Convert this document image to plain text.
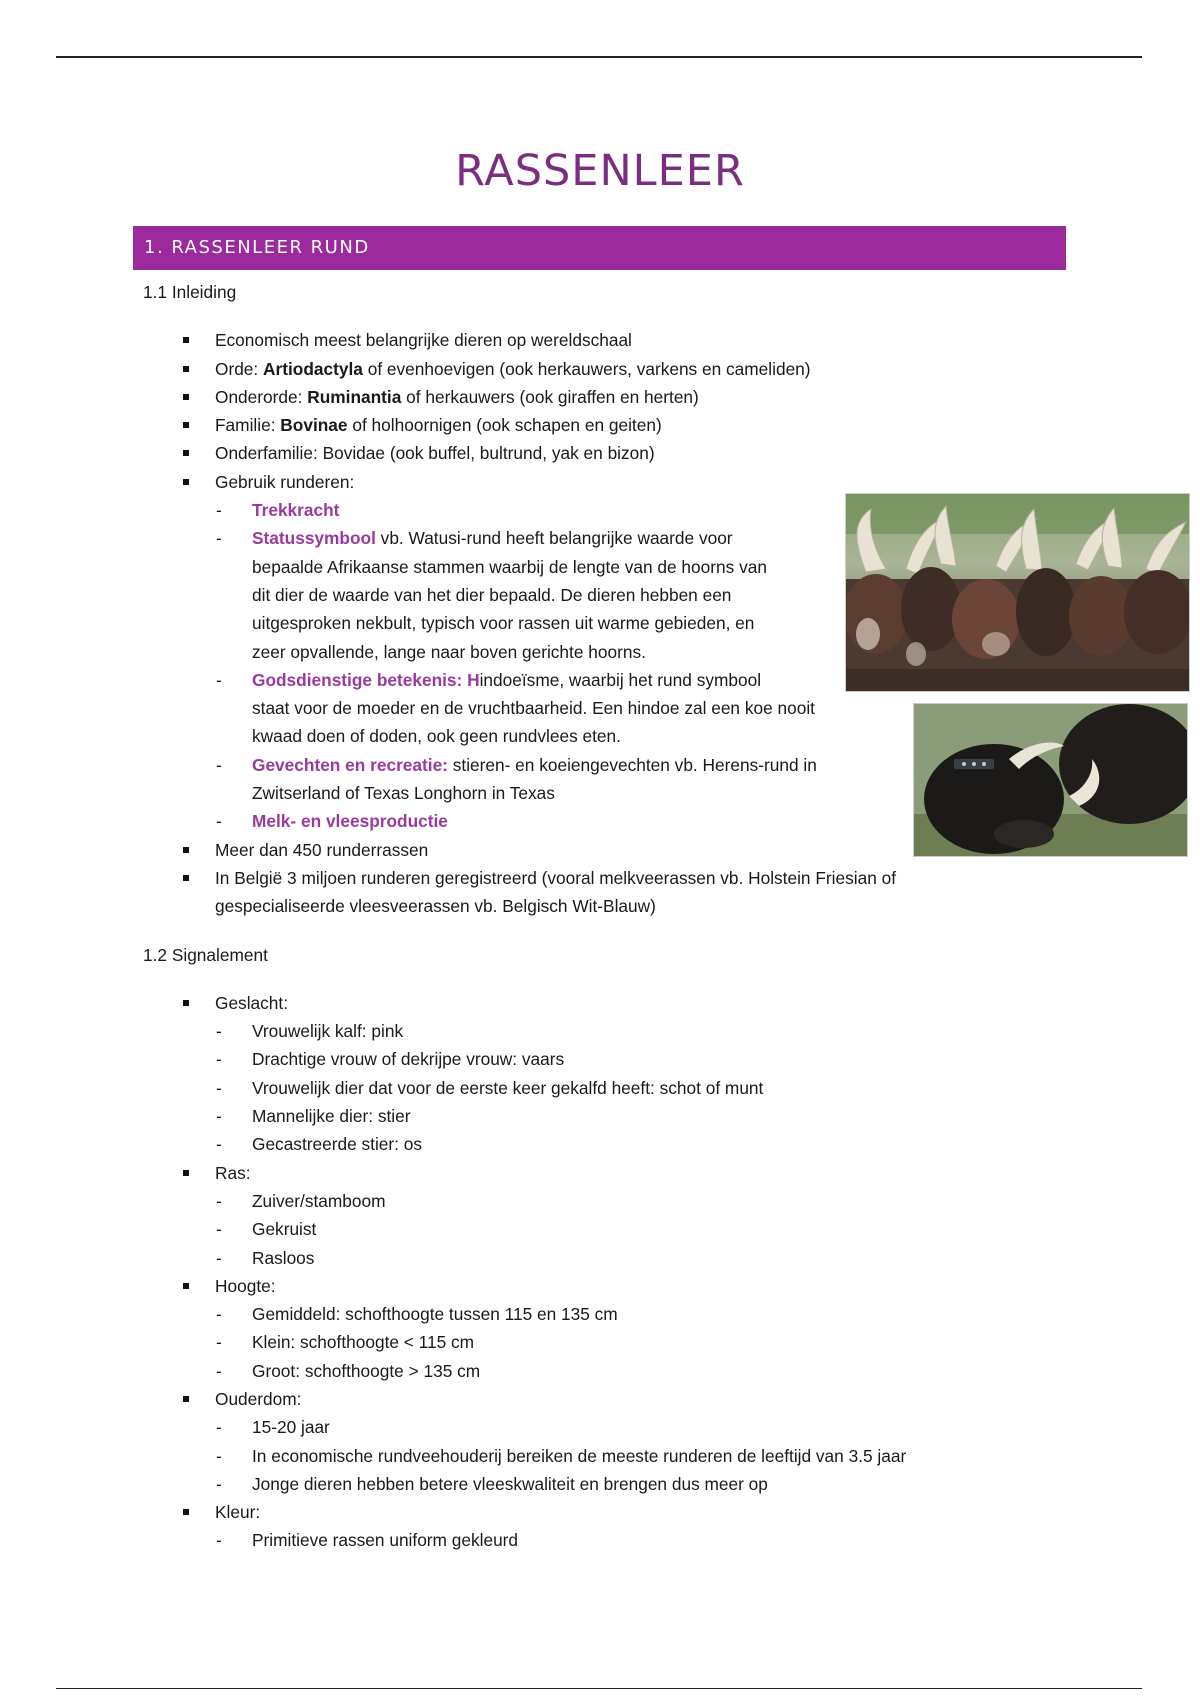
RASSENLEER
1. RASSENLEER RUND
1.1 Inleiding
Economisch meest belangrijke dieren op wereldschaal
Orde: Artiodactyla of evenhoevigen (ook herkauwers, varkens en cameliden)
Onderorde: Ruminantia of herkauwers (ook giraffen en herten)
Familie: Bovinae of holhoornigen (ook schapen en geiten)
Onderfamilie: Bovidae (ook buffel, bultrund, yak en bizon)
Gebruik runderen:
- Trekkracht
- Statussymbool vb. Watusi-rund heeft belangrijke waarde voor
bepaalde Afrikaanse stammen waarbij de lengte van de hoorns van
dit dier de waarde van het dier bepaald. De dieren hebben een
uitgesproken nekbult, typisch voor rassen uit warme gebieden, en
zeer opvallende, lange naar boven gerichte hoorns.
- Godsdienstige betekenis: Hindoeïsme, waarbij het rund symbool
staat voor de moeder en de vruchtbaarheid. Een hindoe zal een koe nooit
kwaad doen of doden, ook geen rundvlees eten.
- Gevechten en recreatie: stieren- en koeiengevechten vb. Herens-rund in
Zwitserland of Texas Longhorn in Texas
- Melk- en vleesproductie
Meer dan 450 runderrassen
In België 3 miljoen runderen geregistreerd (vooral melkveerassen vb. Holstein Friesian of
gespecialiseerde vleesveerassen vb. Belgisch Wit-Blauw)
1.2 Signalement
Geslacht:
- Vrouwelijk kalf: pink
- Drachtige vrouw of dekrijpe vrouw: vaars
- Vrouwelijk dier dat voor de eerste keer gekalfd heeft: schot of munt
- Mannelijke dier: stier
- Gecastreerde stier: os
Ras:
- Zuiver/stamboom
- Gekruist
- Rasloos
Hoogte:
- Gemiddeld: schofthoogte tussen 115 en 135 cm
- Klein: schofthoogte < 115 cm
- Groot: schofthoogte > 135 cm
Ouderdom:
- 15-20 jaar
- In economische rundveehouderij bereiken de meeste runderen de leeftijd van 3.5 jaar
- Jonge dieren hebben betere vleeskwaliteit en brengen dus meer op
Kleur:
- Primitieve rassen uniform gekleurd
